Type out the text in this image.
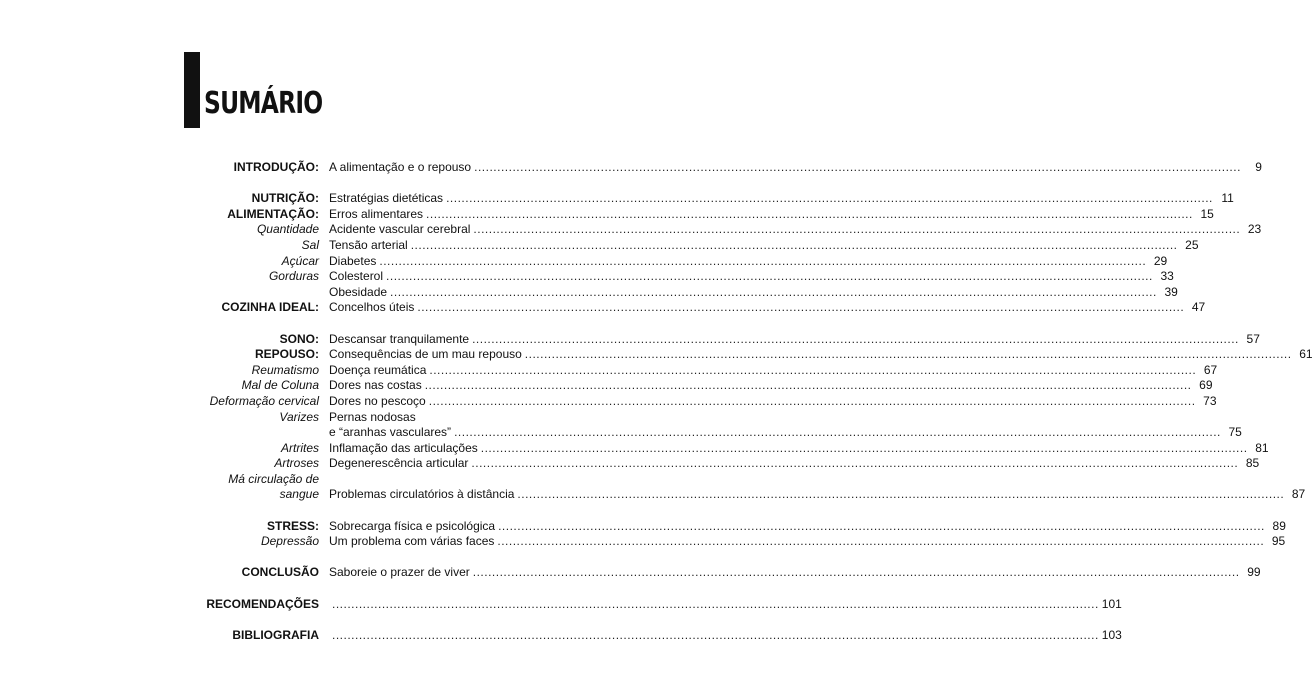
SUMÁRIO
INTRODUÇÃO: A alimentação e o repouso ........................................................................................................................................................................................................	9
NUTRIÇÃO: Estratégias dietéticas ........................................................................................................................................................................................................ 11
ALIMENTAÇÃO: Erros alimentares ........................................................................................................................................................................................................ 15
Quantidade Acidente vascular cerebral ........................................................................................................................................................................................................ 23
Sal Tensão arterial ........................................................................................................................................................................................................ 25
Açúcar Diabetes ........................................................................................................................................................................................................ 29
Gorduras Colesterol ........................................................................................................................................................................................................ 33
Obesidade ........................................................................................................................................................................................................ 39
COZINHA IDEAL: Concelhos úteis ........................................................................................................................................................................................................ 47
SONO: Descansar tranquilamente ........................................................................................................................................................................................................ 57
REPOUSO: Consequências de um mau repouso ........................................................................................................................................................................................................ 61
Reumatismo Doença reumática ........................................................................................................................................................................................................ 67
Mal de Coluna Dores nas costas ........................................................................................................................................................................................................ 69
Deformação cervical Dores no pescoço ........................................................................................................................................................................................................ 73
Varizes Pernas nodosas
e “aranhas vasculares” ........................................................................................................................................................................................................ 75
Artrites Inflamação das articulações ........................................................................................................................................................................................................ 81
Artroses Degenerescência articular ........................................................................................................................................................................................................ 85
Má circulação de
sangue Problemas circulatórios à distância ........................................................................................................................................................................................................ 87
STRESS: Sobrecarga física e psicológica ........................................................................................................................................................................................................ 89
Depressão Um problema com várias faces ........................................................................................................................................................................................................ 95
CONCLUSÃO Saboreie o prazer de viver ........................................................................................................................................................................................................ 99
RECOMENDAÇÕES ........................................................................................................................................................................................................ 101
BIBLIOGRAFIA ........................................................................................................................................................................................................ 103
